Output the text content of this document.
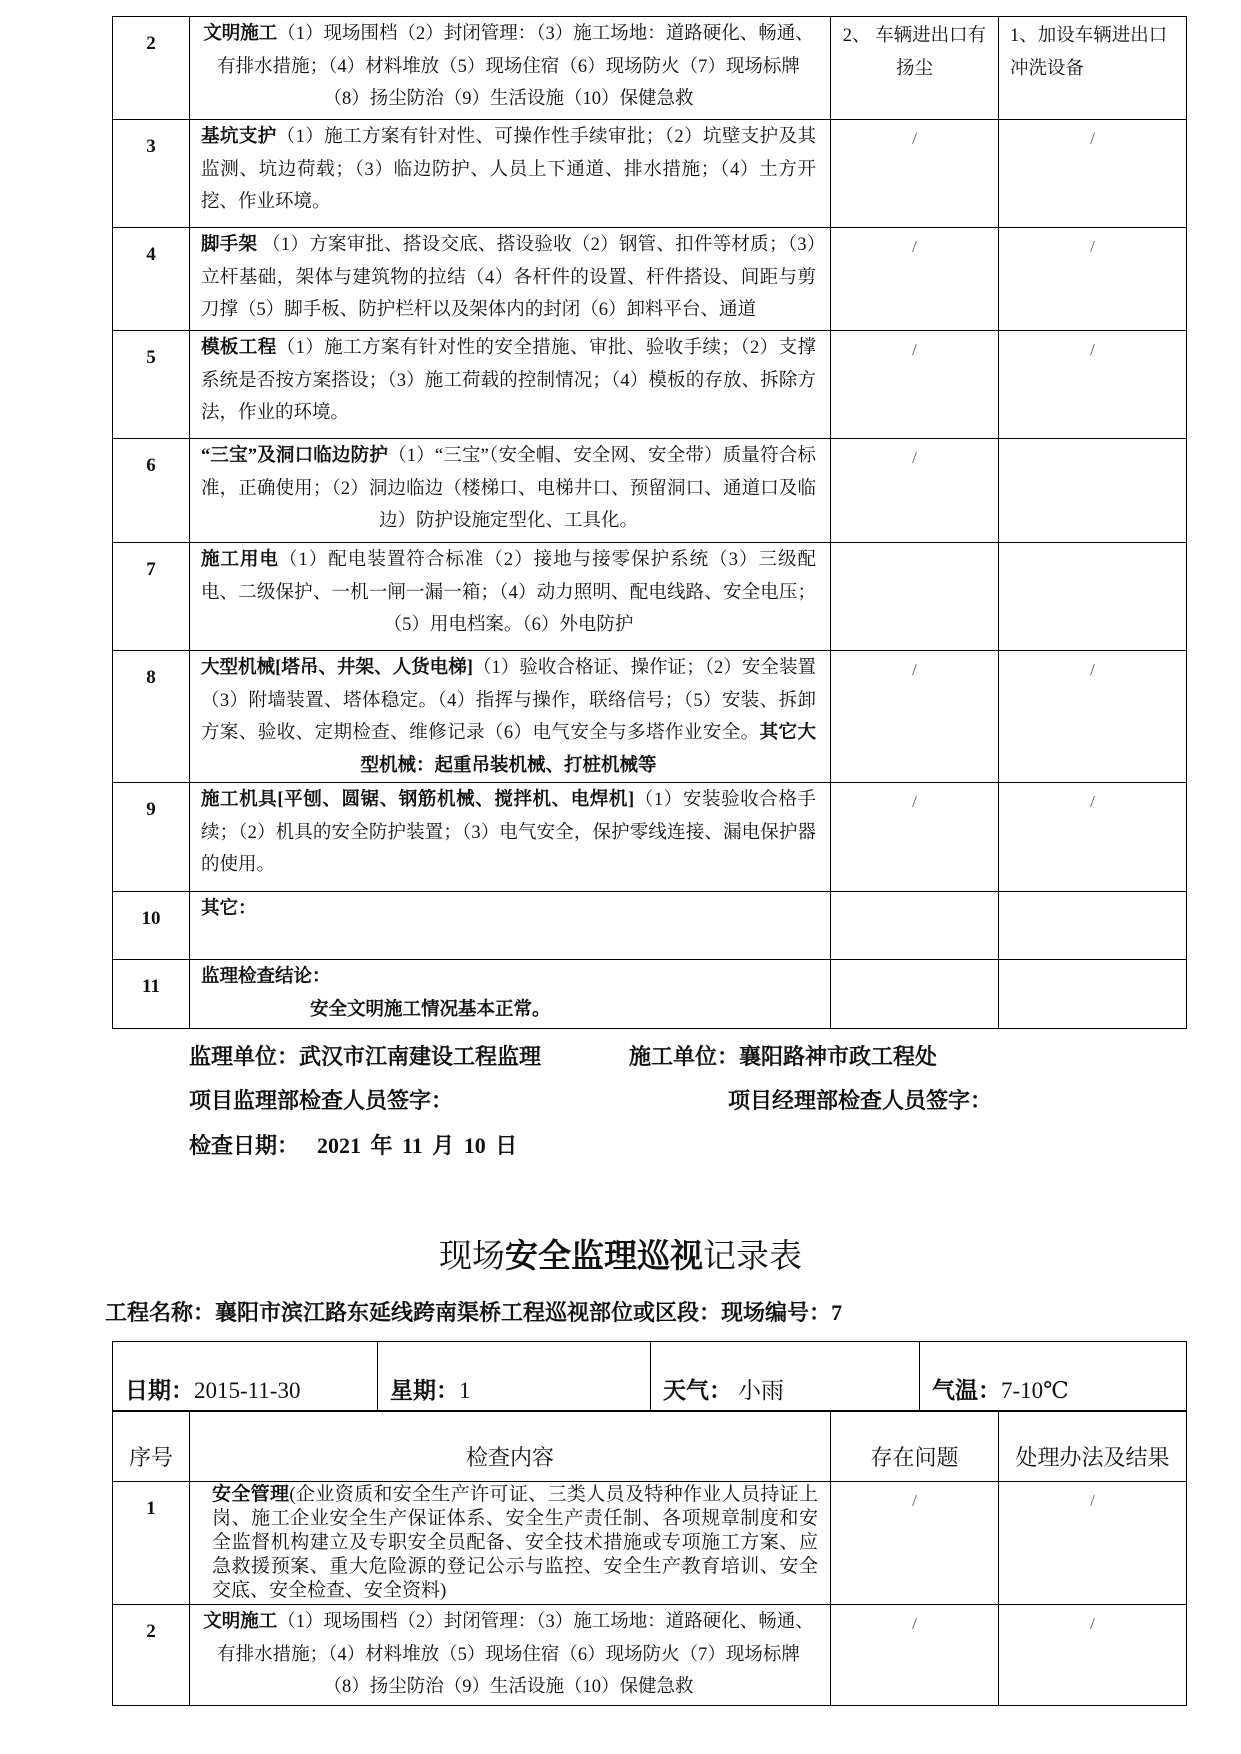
2	文明施工（1）现场围档（2）封闭管理：（3）施工场地：道路硬化、畅通、有排水措施；（4）材料堆放（5）现场住宿（6）现场防火（7）现场标牌（8）扬尘防治（9）生活设施（10）保健急救	2、 车辆进出口有扬尘	1、加设车辆进出口冲洗设备
3	基坑支护（1）施工方案有针对性、可操作性手续审批；（2）坑壁支护及其监测、坑边荷载；（3）临边防护、人员上下通道、排水措施；（4）土方开挖、作业环境。	/	/
4	脚手架 （1）方案审批、搭设交底、搭设验收（2）钢管、扣件等材质；（3）立杆基础，架体与建筑物的拉结（4）各杆件的设置、杆件搭设、间距与剪刀撑（5）脚手板、防护栏杆以及架体内的封闭（6）卸料平台、通道	/	/
5	模板工程（1）施工方案有针对性的安全措施、审批、验收手续；（2）支撑系统是否按方案搭设；（3）施工荷载的控制情况；（4）模板的存放、拆除方法，作业的环境。	/	/
6	“三宝”及洞口临边防护（1）“三宝”（安全帽、安全网、安全带）质量符合标准，正确使用；（2）洞边临边（楼梯口、电梯井口、预留洞口、通道口及临边）防护设施定型化、工具化。	/	
7	施工用电（1）配电装置符合标准（2）接地与接零保护系统（3）三级配电、二级保护、一机一闸一漏一箱；（4）动力照明、配电线路、安全电压；（5）用电档案。（6）外电防护		
8	大型机械[塔吊、井架、人货电梯]（1）验收合格证、操作证；（2）安全装置（3）附墙装置、塔体稳定。（4）指挥与操作，联络信号；（5）安装、拆卸方案、验收、定期检查、维修记录（6）电气安全与多塔作业安全。其它大型机械：起重吊装机械、打桩机械等	/	/
9	施工机具[平刨、圆锯、钢筋机械、搅拌机、电焊机]（1）安装验收合格手续；（2）机具的安全防护装置；（3）电气安全，保护零线连接、漏电保护器的使用。	/	/
10	其它：		
11	监理检查结论：
安全文明施工情况基本正常。		

监理单位：武汉市江南建设工程监理	施工单位：襄阳路神市政工程处
项目监理部检查人员签字：	项目经理部检查人员签字：
检查日期： 2021 年 11 月 10 日
现场安全监理巡视记录表
工程名称：襄阳市滨江路东延线跨南渠桥工程巡视部位或区段：现场编号：7
日期：2015-11-30	星期：1	天气： 小雨	气温：7-10℃
序号	检查内容	存在问题	处理办法及结果
1	安全管理(企业资质和安全生产许可证、三类人员及特种作业人员持证上岗、施工企业安全生产保证体系、安全生产责任制、各项规章制度和安全监督机构建立及专职安全员配备、安全技术措施或专项施工方案、应急救援预案、重大危险源的登记公示与监控、安全生产教育培训、安全交底、安全检查、安全资料)	/	/
2	文明施工（1）现场围档（2）封闭管理：（3）施工场地：道路硬化、畅通、有排水措施；（4）材料堆放（5）现场住宿（6）现场防火（7）现场标牌（8）扬尘防治（9）生活设施（10）保健急救	/	/
